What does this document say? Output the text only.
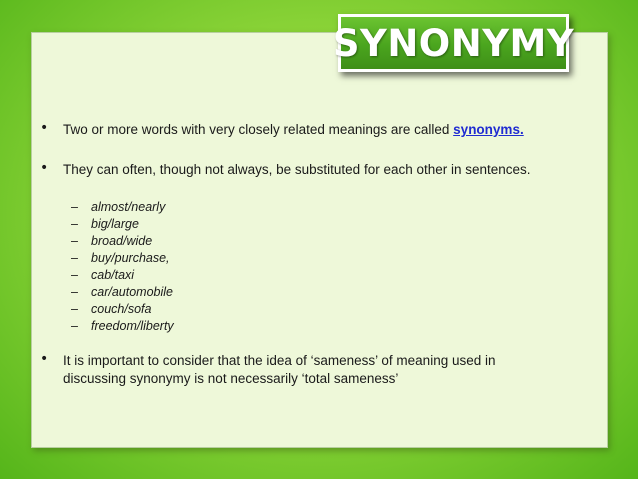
SYNONYMY
• Two or more words with very closely related meanings are called synonyms.
• They can often, though not always, be substituted for each other in sentences.
–	almost/nearly
–	big/large
–	broad/wide
–	buy/purchase,
–	cab/taxi
–	car/automobile
–	couch/sofa
–	freedom/liberty
• It is important to consider that the idea of ‘sameness’ of meaning used in discussing synonymy is not necessarily ‘total sameness’
